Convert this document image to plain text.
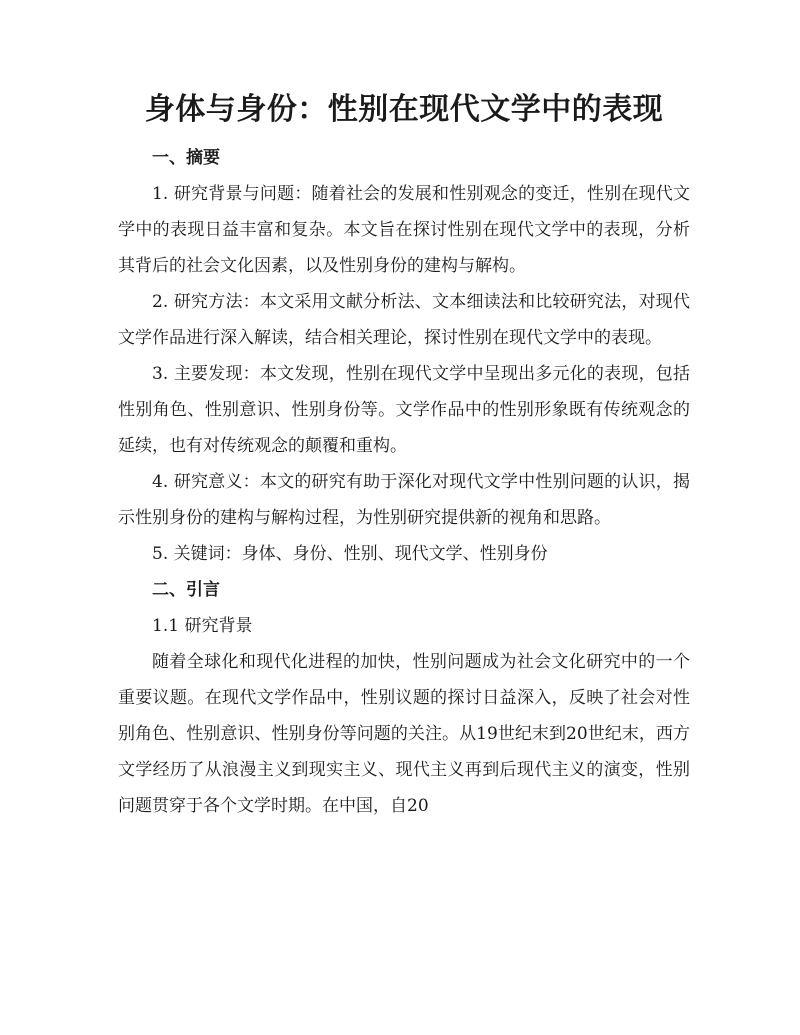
身体与身份：性别在现代文学中的表现
一、摘要

1. 研究背景与问题：随着社会的发展和性别观念的变迁，性别在现代文学中的表现日益丰富和复杂。本文旨在探讨性别在现代文学中的表现，分析其背后的社会文化因素，以及性别身份的建构与解构。

2. 研究方法：本文采用文献分析法、文本细读法和比较研究法，对现代文学作品进行深入解读，结合相关理论，探讨性别在现代文学中的表现。

3. 主要发现：本文发现，性别在现代文学中呈现出多元化的表现，包括性别角色、性别意识、性别身份等。文学作品中的性别形象既有传统观念的延续，也有对传统观念的颠覆和重构。

4. 研究意义：本文的研究有助于深化对现代文学中性别问题的认识，揭示性别身份的建构与解构过程，为性别研究提供新的视角和思路。

5. 关键词：身体、身份、性别、现代文学、性别身份

二、引言

1.1 研究背景

随着全球化和现代化进程的加快，性别问题成为社会文化研究中的一个重要议题。在现代文学作品中，性别议题的探讨日益深入，反映了社会对性别角色、性别意识、性别身份等问题的关注。从19世纪末到20世纪末，西方文学经历了从浪漫主义到现实主义、现代主义再到后现代主义的演变，性别问题贯穿于各个文学时期。在中国，自20
